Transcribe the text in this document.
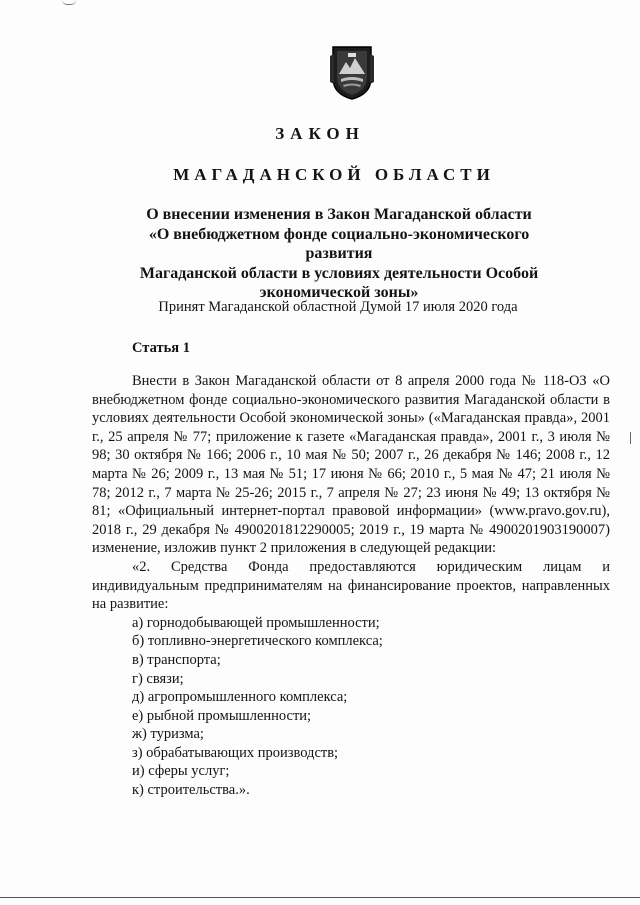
ЗАКОН
МАГАДАНСКОЙ ОБЛАСТИ
О внесении изменения в Закон Магаданской области
«О внебюджетном фонде социально-экономического развития
Магаданской области в условиях деятельности Особой
экономической зоны»
Принят Магаданской областной Думой 17 июля 2020 года
Статья 1

Внести в Закон Магаданской области от 8 апреля 2000 года № 118-ОЗ «О внебюджетном фонде социально-экономического развития Магаданской области в условиях деятельности Особой экономической зоны» («Магаданская правда», 2001 г., 25 апреля № 77; приложение к газете «Магаданская правда», 2001 г., 3 июля № 98; 30 октября № 166; 2006 г., 10 мая № 50; 2007 г., 26 декабря № 146; 2008 г., 12 марта № 26; 2009 г., 13 мая № 51; 17 июня № 66; 2010 г., 5 мая № 47; 21 июля № 78; 2012 г., 7 марта № 25-26; 2015 г., 7 апреля № 27; 23 июня № 49; 13 октября № 81; «Официальный интернет-портал правовой информации» (www.pravo.gov.ru), 2018 г., 29 декабря № 4900201812290005; 2019 г., 19 марта № 4900201903190007) изменение, изложив пункт 2 приложения в следующей редакции:

«2. Средства Фонда предоставляются юридическим лицам и индивидуальным предпринимателям на финансирование проектов, направленных на развитие:

а) горнодобывающей промышленности;
б) топливно-энергетического комплекса;
в) транспорта;
г) связи;
д) агропромышленного комплекса;
е) рыбной промышленности;
ж) туризма;
з) обрабатывающих производств;
и) сферы услуг;
к) строительства.».
